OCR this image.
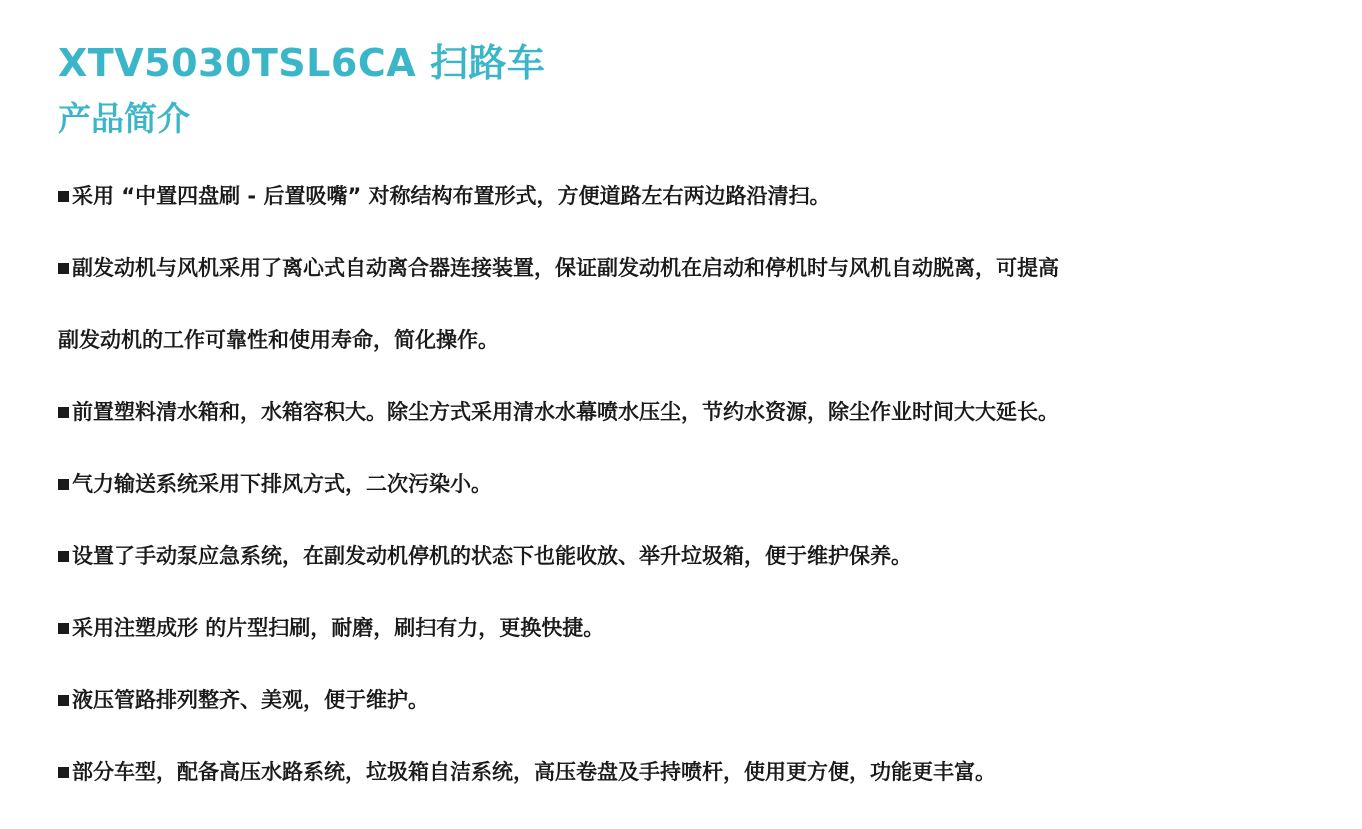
XTV5030TSL6CA 扫路车
产品简介

采用 “中置四盘刷 - 后置吸嘴” 对称结构布置形式，方便道路左右两边路沿清扫。

副发动机与风机采用了离心式自动离合器连接装置，保证副发动机在启动和停机时与风机自动脱离，可提高

副发动机的工作可靠性和使用寿命，简化操作。

前置塑料清水箱和，水箱容积大。除尘方式采用清水水幕喷水压尘，节约水资源，除尘作业时间大大延长。

气力输送系统采用下排风方式，二次污染小。

设置了手动泵应急系统，在副发动机停机的状态下也能收放、举升垃圾箱，便于维护保养。

采用注塑成形 的片型扫刷，耐磨，刷扫有力，更换快捷。

液压管路排列整齐、美观，便于维护。

部分车型，配备高压水路系统，垃圾箱自洁系统，高压卷盘及手持喷杆，使用更方便，功能更丰富。
